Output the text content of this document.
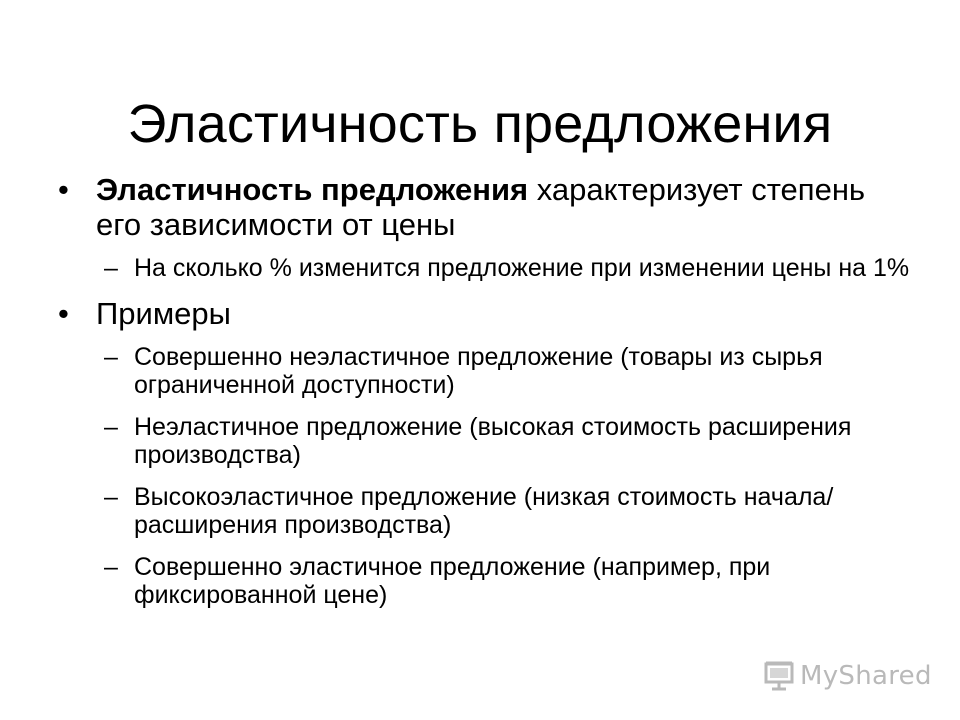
Эластичность предложения
• Эластичность предложения характеризует степень его зависимости от цены
– На сколько % изменится предложение при изменении цены на 1%
• Примеры
– Совершенно неэластичное предложение (товары из сырья ограниченной доступности)
– Неэластичное предложение (высокая стоимость расширения производства)
– Высокоэластичное предложение (низкая стоимость начала/расширения производства)
– Совершенно эластичное предложение (например, при фиксированной цене)
MyShared
